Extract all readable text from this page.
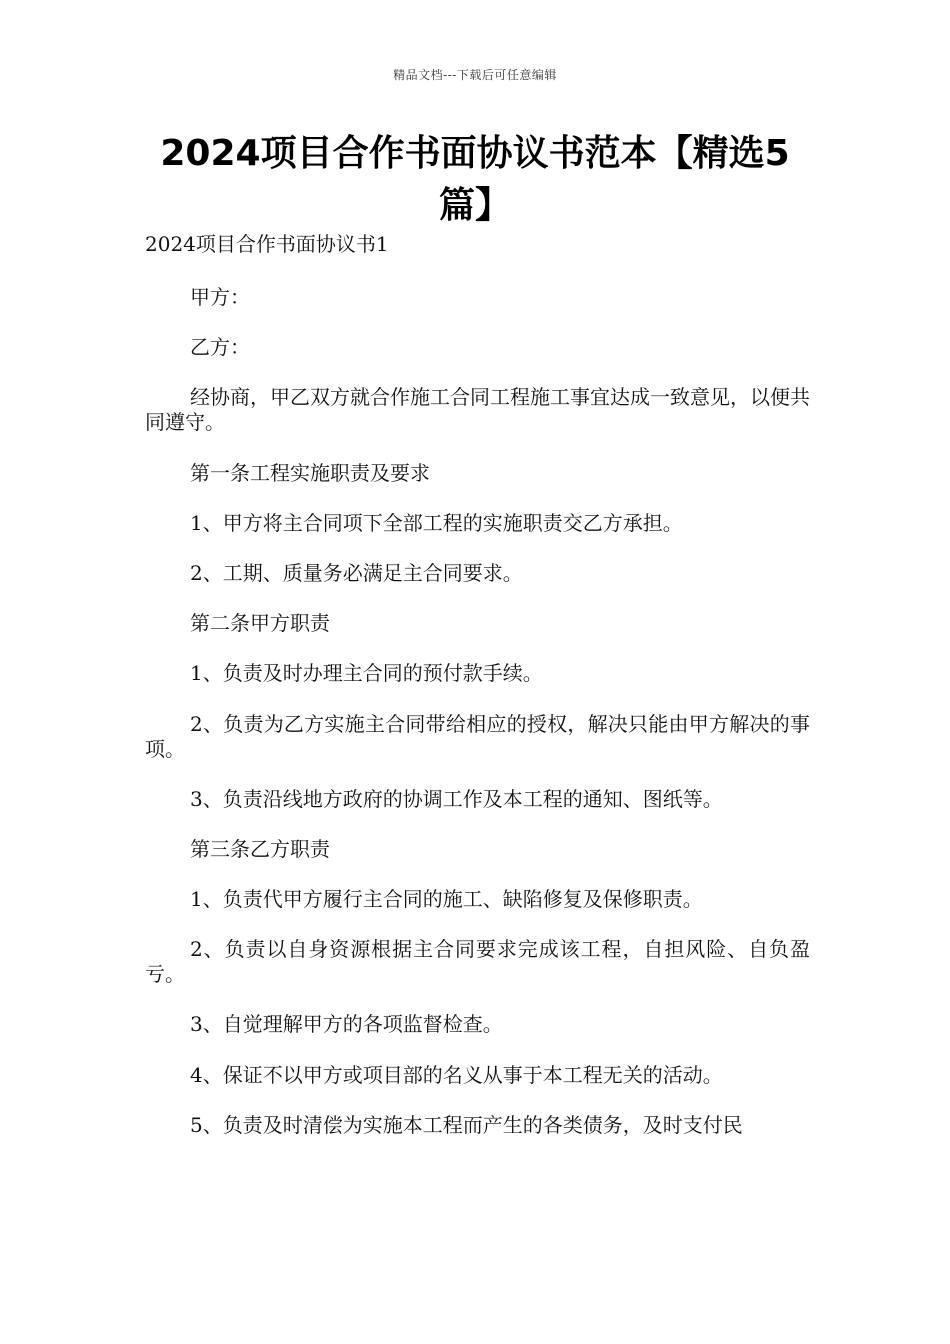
精品文档---下载后可任意编辑
2024项目合作书面协议书范本【精选5篇】

2024项目合作书面协议书1

甲方：

乙方：

经协商，甲乙双方就合作施工合同工程施工事宜达成一致意见，以便共同遵守。

第一条工程实施职责及要求

1、甲方将主合同项下全部工程的实施职责交乙方承担。

2、工期、质量务必满足主合同要求。

第二条甲方职责

1、负责及时办理主合同的预付款手续。

2、负责为乙方实施主合同带给相应的授权，解决只能由甲方解决的事项。

3、负责沿线地方政府的协调工作及本工程的通知、图纸等。

第三条乙方职责

1、负责代甲方履行主合同的施工、缺陷修复及保修职责。

2、负责以自身资源根据主合同要求完成该工程，自担风险、自负盈亏。

3、自觉理解甲方的各项监督检查。

4、保证不以甲方或项目部的名义从事于本工程无关的活动。

5、负责及时清偿为实施本工程而产生的各类债务，及时支付民
